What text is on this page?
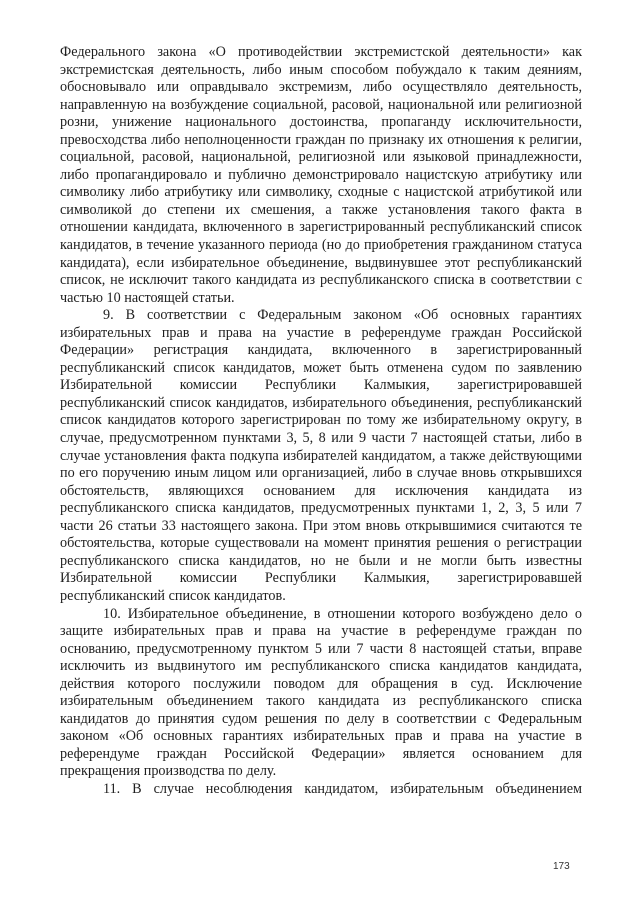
Федерального закона «О противодействии экстремистской деятельности» как экстремистская деятельность, либо иным способом побуждало к таким деяниям, обосновывало или оправдывало экстремизм, либо осуществляло деятельность, направленную на возбуждение социальной, расовой, национальной или религиозной розни, унижение национального достоинства, пропаганду исключительности, превосходства либо неполноценности граждан по признаку их отношения к религии, социальной, расовой, национальной, религиозной или языковой принадлежности, либо пропагандировало и публично демонстрировало нацистскую атрибутику или символику либо атрибутику или символику, сходные с нацистской атрибутикой или символикой до степени их смешения, а также установления такого факта в отношении кандидата, включенного в зарегистрированный республиканский список кандидатов, в течение указанного периода (но до приобретения гражданином статуса кандидата), если избирательное объединение, выдвинувшее этот республиканский список, не исключит такого кандидата из республиканского списка в соответствии с частью 10 настоящей статьи.

9. В соответствии с Федеральным законом «Об основных гарантиях избирательных прав и права на участие в референдуме граждан Российской Федерации» регистрация кандидата, включенного в зарегистрированный республиканский список кандидатов, может быть отменена судом по заявлению Избирательной комиссии Республики Калмыкия, зарегистрировавшей республиканский список кандидатов, избирательного объединения, республиканский список кандидатов которого зарегистрирован по тому же избирательному округу, в случае, предусмотренном пунктами 3, 5, 8 или 9 части 7 настоящей статьи, либо в случае установления факта подкупа избирателей кандидатом, а также действующими по его поручению иным лицом или организацией, либо в случае вновь открывшихся обстоятельств, являющихся основанием для исключения кандидата из республиканского списка кандидатов, предусмотренных пунктами 1, 2, 3, 5 или 7 части 26 статьи 33 настоящего закона. При этом вновь открывшимися считаются те обстоятельства, которые существовали на момент принятия решения о регистрации республиканского списка кандидатов, но не были и не могли быть известны Избирательной комиссии Республики Калмыкия, зарегистрировавшей республиканский список кандидатов.

10. Избирательное объединение, в отношении которого возбуждено дело о защите избирательных прав и права на участие в референдуме граждан по основанию, предусмотренному пунктом 5 или 7 части 8 настоящей статьи, вправе исключить из выдвинутого им республиканского списка кандидатов кандидата, действия которого послужили поводом для обращения в суд. Исключение избирательным объединением такого кандидата из республиканского списка кандидатов до принятия судом решения по делу в соответствии с Федеральным законом «Об основных гарантиях избирательных прав и права на участие в референдуме граждан Российской Федерации» является основанием для прекращения производства по делу.

11. В случае несоблюдения кандидатом, избирательным объединением

173
